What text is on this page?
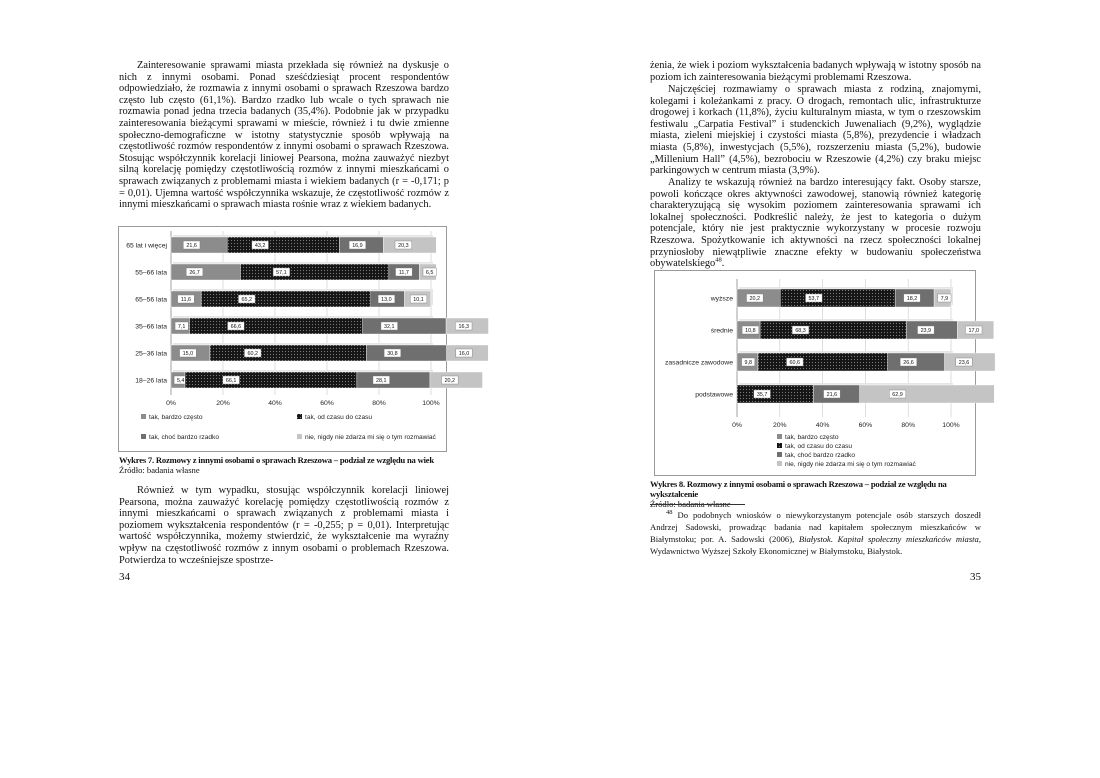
Zainteresowanie sprawami miasta przekłada się również na dyskusje o nich z innymi osobami. Ponad sześćdziesiąt procent respondentów odpowiedziało, że rozmawia z innymi osobami o sprawach Rzeszowa bardzo często lub często (61,1%). Bardzo rzadko lub wcale o tych sprawach nie rozmawia ponad jedna trzecia badanych (35,4%). Podobnie jak w przypadku zainteresowania bieżącymi sprawami w mieście, również i tu dwie zmienne społeczno-demograficzne w istotny statystycznie sposób wpływają na częstotliwość rozmów respondentów z innymi osobami o sprawach Rzeszowa. Stosując współczynnik korelacji liniowej Pearsona, można zauważyć niezbyt silną korelację pomiędzy częstotliwością rozmów z innymi mieszkańcami o sprawach związanych z problemami miasta i wiekiem badanych (r = -0,171; p = 0,01). Ujemna wartość współczynnika wskazuje, że częstotliwość rozmów z innymi mieszkańcami o sprawach miasta rośnie wraz z wiekiem badanych.

0%	20%	40%	60%	80%	100%
65 lat i więcej	21,6	43,2	16,9	20,3
55–66 lata	26,7	57,1	11,7	6,5
65–56 lata	11,6	65,2	13,0	10,1
35–66 lata 7,1	66,6	32,1	16,3
25–36 lata	15,0	60,2	30,8	16,0
18–26 lata 5,4	66,1	28,1	20,2
tak, bardzo często	tak, od czasu do czasu
tak, choć bardzo rzadko	nie, nigdy nie zdarza mi się o tym rozmawiać
Wykres 7. Rozmowy z innymi osobami o sprawach Rzeszowa – podział ze względu na wiek
Źródło: badania własne

Również w tym wypadku, stosując współczynnik korelacji liniowej Pearsona, można zauważyć korelację pomiędzy częstotliwością rozmów z innymi mieszkańcami o sprawach związanych z problemami miasta i poziomem wykształcenia respondentów (r = -0,255; p = 0,01). Interpretując wartość współczynnika, możemy stwierdzić, że wykształcenie ma wyraźny wpływ na częstotliwość rozmów z innym osobami o problemach Rzeszowa. Potwierdza to wcześniejsze spostrze-

34

żenia, że wiek i poziom wykształcenia badanych wpływają w istotny sposób na poziom ich zainteresowania bieżącymi problemami Rzeszowa.

Najczęściej rozmawiamy o sprawach miasta z rodziną, znajomymi, kolegami i koleżankami z pracy. O drogach, remontach ulic, infrastrukturze drogowej i korkach (11,8%), życiu kulturalnym miasta, w tym o rzeszowskim festiwalu „Carpatia Festival” i studenckich Juwenaliach (9,2%), wyglądzie miasta, zieleni miejskiej i czystości miasta (5,8%), prezydencie i władzach miasta (5,8%), inwestycjach (5,5%), rozszerzeniu miasta (5,2%), budowie „Millenium Hall” (4,5%), bezrobociu w Rzeszowie (4,2%) czy braku miejsc parkingowych w centrum miasta (3,9%).

Analizy te wskazują również na bardzo interesujący fakt. Osoby starsze, powoli kończące okres aktywności zawodowej, stanowią również kategorię charakteryzującą się wysokim poziomem zainteresowania sprawami ich lokalnej społeczności. Podkreślić należy, że jest to kategoria o dużym potencjale, który nie jest praktycznie wykorzystany w procesie rozwoju Rzeszowa. Spożytkowanie ich aktywności na rzecz społeczności lokalnej przyniosłoby niewątpliwie znaczne efekty w budowaniu społeczeństwa obywatelskiego$^{48}$.

0%	20%	40%	60%	80%	100%
wyższe	20,2	53,7	18,2	7,9
średnie 10,8	68,3	23,9	17,0
zasadnicze zawodowe 9,8	60,6	26,6	23,6
podstawowe	35,7	21,6	62,9
tak, bardzo często
tak, od czasu do czasu
tak, choć bardzo rzadko
nie, nigdy nie zdarza mi się o tym rozmawiać
Wykres 8. Rozmowy z innymi osobami o sprawach Rzeszowa – podział ze względu na wykształcenie
Źródło: badania własne
$^{48}$ Do podobnych wniosków o niewykorzystanym potencjale osób starszych doszedł Andrzej Sadowski, prowadząc badania nad kapitałem społecznym mieszkańców w Białymstoku; por. A. Sadowski (2006), Białystok. Kapitał społeczny mieszkańców miasta, Wydawnictwo Wyższej Szkoły Ekonomicznej w Białymstoku, Białystok.
35
